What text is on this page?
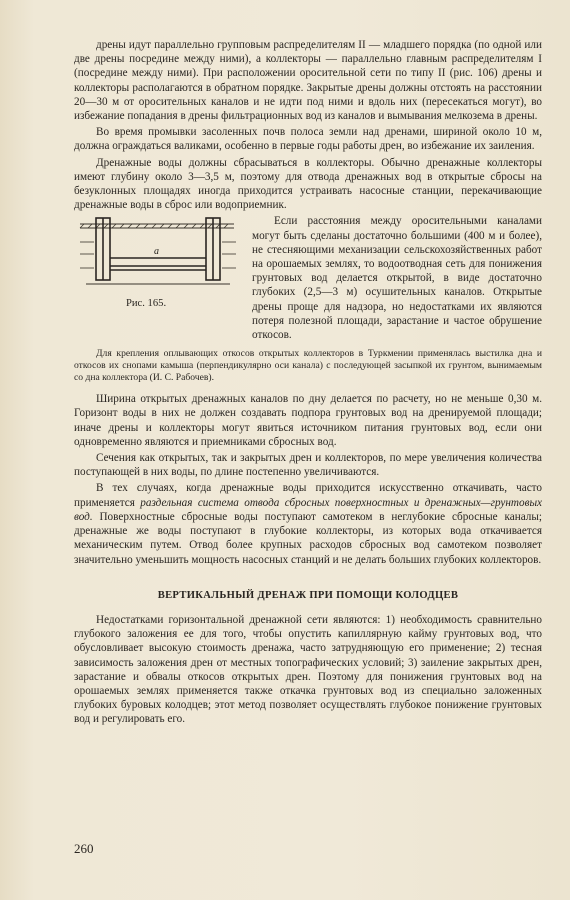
дрены идут параллельно групповым распределителям II — младшего порядка (по одной или две дрены посредине между ними), а коллекторы — параллельно главным распределителям I (посредине между ними). При расположении оросительной сети по типу II (рис. 106) дрены и коллекторы располагаются в обратном порядке. Закрытые дрены должны отстоять на расстоянии 20—30 м от оросительных каналов и не идти под ними и вдоль них (пересекаться могут), во избежание попадания в дрены фильтрационных вод из каналов и вымывания мелкозема в дрены.

Во время промывки засоленных почв полоса земли над дренами, шириной около 10 м, должна ограждаться валиками, особенно в первые годы работы дрен, во избежание их заиления.

Дренажные воды должны сбрасываться в коллекторы. Обычно дренажные коллекторы имеют глубину около 3—3,5 м, поэтому для отвода дренажных вод в открытые сбросы на безуклонных площадях иногда приходится устраивать насосные станции, перекачивающие дренажные воды в сброс или водоприемник.

а
Рис. 165.

Если расстояния между оросительными каналами могут быть сделаны достаточно большими (400 м и более), не стесняющими механизации сельскохозяйственных работ на орошаемых землях, то водоотводная сеть для понижения грунтовых вод делается открытой, в виде достаточно глубоких (2,5—3 м) осушительных каналов. Открытые дрены проще для надзора, но недостатками их являются потеря полезной площади, зарастание и частое обрушение откосов.

Для крепления оплывающих откосов открытых коллекторов в Туркмении применялась выстилка дна и откосов их снопами камыша (перпендикулярно оси канала) с последующей засыпкой их грунтом, вынимаемым со дна коллектора (И. С. Рабочев).

Ширина открытых дренажных каналов по дну делается по расчету, но не меньше 0,30 м. Горизонт воды в них не должен создавать подпора грунтовых вод на дренируемой площади; иначе дрены и коллекторы могут явиться источником питания грунтовых вод, если они одновременно являются и приемниками сбросных вод.

Сечения как открытых, так и закрытых дрен и коллекторов, по мере увеличения количества поступающей в них воды, по длине постепенно увеличиваются.

В тех случаях, когда дренажные воды приходится искусственно откачивать, часто применяется раздельная система отвода сбросных поверхностных и дренажных—грунтовых вод. Поверхностные сбросные воды поступают самотеком в неглубокие сбросные каналы; дренажные же воды поступают в глубокие коллекторы, из которых вода откачивается механическим путем. Отвод более крупных расходов сбросных вод самотеком позволяет значительно уменьшить мощность насосных станций и не делать больших глубоких коллекторов.

ВЕРТИКАЛЬНЫЙ ДРЕНАЖ ПРИ ПОМОЩИ КОЛОДЦЕВ

Недостатками горизонтальной дренажной сети являются: 1) необходимость сравнительно глубокого заложения ее для того, чтобы опустить капиллярную кайму грунтовых вод, что обусловливает высокую стоимость дренажа, часто затрудняющую его применение; 2) тесная зависимость заложения дрен от местных топографических условий; 3) заиление закрытых дрен, зарастание и обвалы откосов открытых дрен. Поэтому для понижения грунтовых вод на орошаемых землях применяется также откачка грунтовых вод из специально заложенных глубоких буровых колодцев; этот метод позволяет осуществлять глубокое понижение грунтовых вод и регулировать его.

260
